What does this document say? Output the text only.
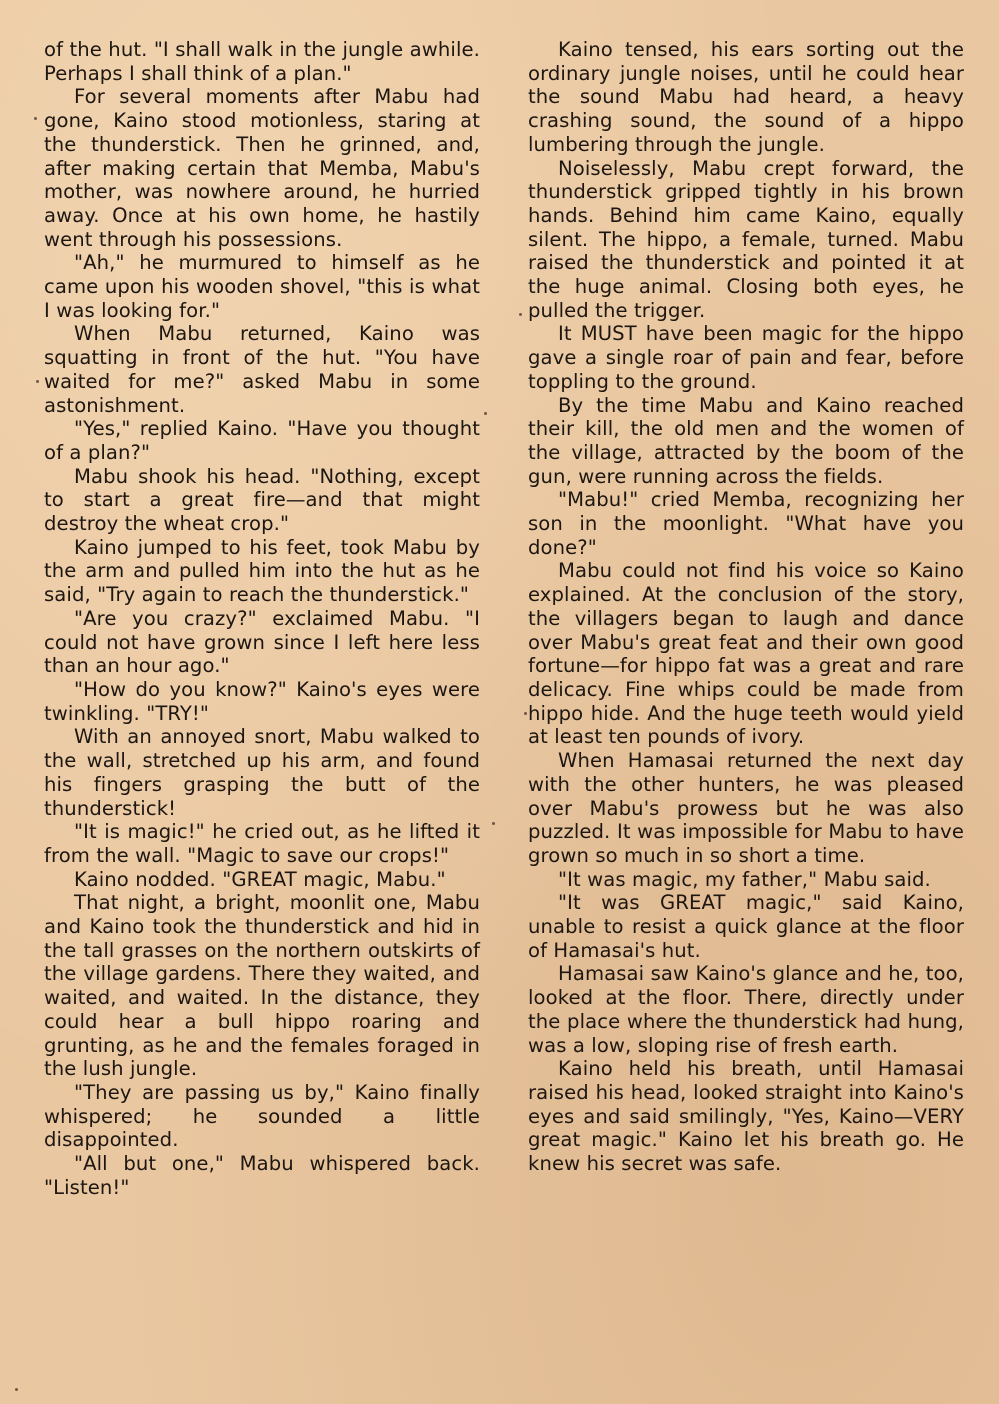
of the hut. "I shall walk in the jungle awhile. Perhaps I shall think of a plan."

For several moments after Mabu had gone, Kaino stood motionless, staring at the thunderstick. Then he grinned, and, after making certain that Memba, Mabu's mother, was nowhere around, he hurried away. Once at his own home, he hastily went through his possessions.

"Ah," he murmured to himself as he came upon his wooden shovel, "this is what I was looking for."

When Mabu returned, Kaino was squatting in front of the hut. "You have waited for me?" asked Mabu in some astonishment.

"Yes," replied Kaino. "Have you thought of a plan?"

Mabu shook his head. "Nothing, except to start a great fire—and that might destroy the wheat crop."

Kaino jumped to his feet, took Mabu by the arm and pulled him into the hut as he said, "Try again to reach the thunderstick."

"Are you crazy?" exclaimed Mabu. "I could not have grown since I left here less than an hour ago."

"How do you know?" Kaino's eyes were twinkling. "TRY!"

With an annoyed snort, Mabu walked to the wall, stretched up his arm, and found his fingers grasping the butt of the thunderstick!

"It is magic!" he cried out, as he lifted it from the wall. "Magic to save our crops!"

Kaino nodded. "GREAT magic, Mabu."

That night, a bright, moonlit one, Mabu and Kaino took the thunderstick and hid in the tall grasses on the northern outskirts of the village gardens. There they waited, and waited, and waited. In the distance, they could hear a bull hippo roaring and grunting, as he and the females foraged in the lush jungle.

"They are passing us by," Kaino finally whispered; he sounded a little disappointed.

"All but one," Mabu whispered back. "Listen!"

Kaino tensed, his ears sorting out the ordinary jungle noises, until he could hear the sound Mabu had heard, a heavy crashing sound, the sound of a hippo lumbering through the jungle.

Noiselessly, Mabu crept forward, the thunderstick gripped tightly in his brown hands. Behind him came Kaino, equally silent. The hippo, a female, turned. Mabu raised the thunderstick and pointed it at the huge animal. Closing both eyes, he pulled the trigger.

It MUST have been magic for the hippo gave a single roar of pain and fear, before toppling to the ground.

By the time Mabu and Kaino reached their kill, the old men and the women of the village, attracted by the boom of the gun, were running across the fields.

"Mabu!" cried Memba, recognizing her son in the moonlight. "What have you done?"

Mabu could not find his voice so Kaino explained. At the conclusion of the story, the villagers began to laugh and dance over Mabu's great feat and their own good fortune—for hippo fat was a great and rare delicacy. Fine whips could be made from hippo hide. And the huge teeth would yield at least ten pounds of ivory.

When Hamasai returned the next day with the other hunters, he was pleased over Mabu's prowess but he was also puzzled. It was impossible for Mabu to have grown so much in so short a time.

"It was magic, my father," Mabu said.

"It was GREAT magic," said Kaino, unable to resist a quick glance at the floor of Hamasai's hut.

Hamasai saw Kaino's glance and he, too, looked at the floor. There, directly under the place where the thunderstick had hung, was a low, sloping rise of fresh earth.

Kaino held his breath, until Hamasai raised his head, looked straight into Kaino's eyes and said smilingly, "Yes, Kaino—VERY great magic." Kaino let his breath go. He knew his secret was safe.
